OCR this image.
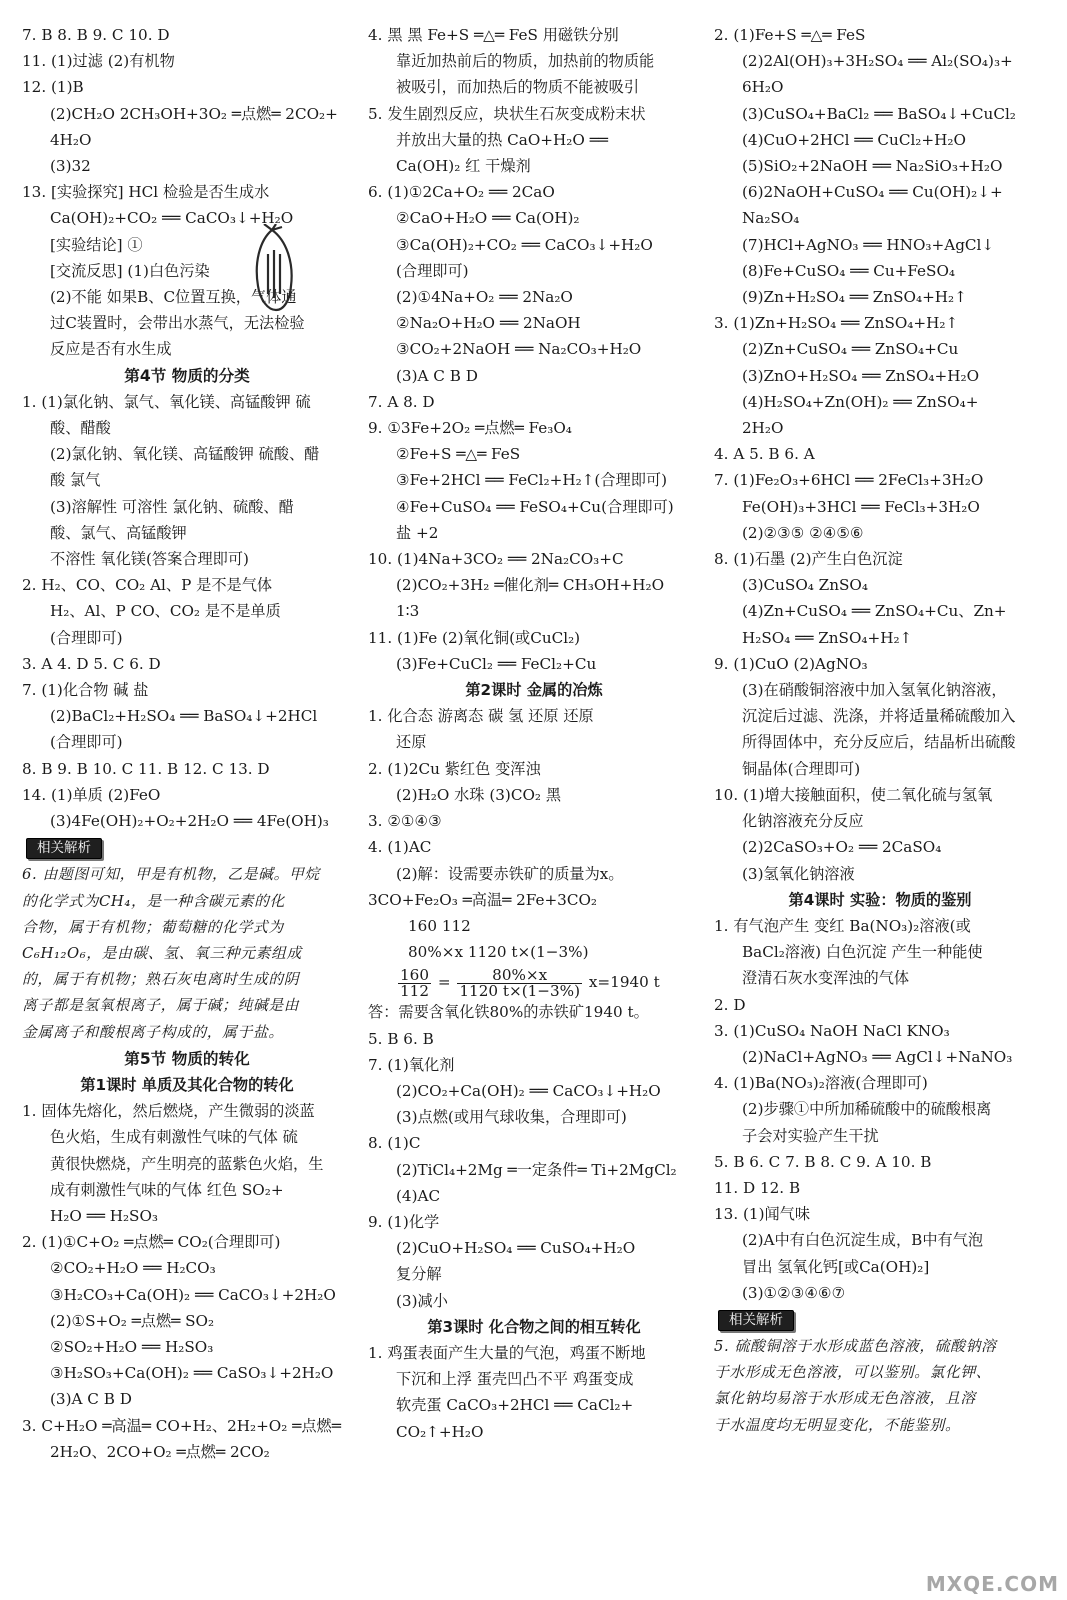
7. B 8. B 9. C 10. D
11. (1)过滤 (2)有机物
12. (1)B
(2)CH₂O 2CH₃OH+3O₂ ═点燃═ 2CO₂+
4H₂O
(3)32
13. [实验探究] HCl 检验是否生成水
Ca(OH)₂+CO₂ ══ CaCO₃↓+H₂O
[实验结论] ①
[交流反思] (1)白色污染
(2)不能 如果B、C位置互换，气体通
过C装置时，会带出水蒸气，无法检验
反应是否有水生成
第4节 物质的分类
1. (1)氯化钠、氯气、氧化镁、高锰酸钾 硫
酸、醋酸
(2)氯化钠、氧化镁、高锰酸钾 硫酸、醋
酸 氯气
(3)溶解性 可溶性 氯化钠、硫酸、醋
酸、氯气、高锰酸钾
不溶性 氧化镁(答案合理即可)
2. H₂、CO、CO₂ Al、P 是不是气体
H₂、Al、P CO、CO₂ 是不是单质
(合理即可)
3. A 4. D 5. C 6. D
7. (1)化合物 碱 盐
(2)BaCl₂+H₂SO₄ ══ BaSO₄↓+2HCl
(合理即可)
8. B 9. B 10. C 11. B 12. C 13. D
14. (1)单质 (2)FeO
(3)4Fe(OH)₂+O₂+2H₂O ══ 4Fe(OH)₃
相关解析
6. 由题图可知，甲是有机物，乙是碱。甲烷
的化学式为CH₄，是一种含碳元素的化
合物，属于有机物；葡萄糖的化学式为
C₆H₁₂O₆，是由碳、氢、氧三种元素组成
的，属于有机物；熟石灰电离时生成的阴
离子都是氢氧根离子，属于碱；纯碱是由
金属离子和酸根离子构成的，属于盐。
第5节 物质的转化
第1课时 单质及其化合物的转化
1. 固体先熔化，然后燃烧，产生微弱的淡蓝
色火焰，生成有刺激性气味的气体 硫
黄很快燃烧，产生明亮的蓝紫色火焰，生
成有刺激性气味的气体 红色 SO₂+
H₂O ══ H₂SO₃
2. (1)①C+O₂ ═点燃═ CO₂(合理即可)
②CO₂+H₂O ══ H₂CO₃
③H₂CO₃+Ca(OH)₂ ══ CaCO₃↓+2H₂O
(2)①S+O₂ ═点燃═ SO₂
②SO₂+H₂O ══ H₂SO₃
③H₂SO₃+Ca(OH)₂ ══ CaSO₃↓+2H₂O
(3)A C B D
3. C+H₂O ═高温═ CO+H₂、2H₂+O₂ ═点燃═
2H₂O、2CO+O₂ ═点燃═ 2CO₂
4. 黑 黑 Fe+S ═△═ FeS 用磁铁分别
靠近加热前后的物质，加热前的物质能
被吸引，而加热后的物质不能被吸引
5. 发生剧烈反应，块状生石灰变成粉末状
并放出大量的热 CaO+H₂O ══
Ca(OH)₂ 红 干燥剂
6. (1)①2Ca+O₂ ══ 2CaO
②CaO+H₂O ══ Ca(OH)₂
③Ca(OH)₂+CO₂ ══ CaCO₃↓+H₂O
(合理即可)
(2)①4Na+O₂ ══ 2Na₂O
②Na₂O+H₂O ══ 2NaOH
③CO₂+2NaOH ══ Na₂CO₃+H₂O
(3)A C B D
7. A 8. D
9. ①3Fe+2O₂ ═点燃═ Fe₃O₄
②Fe+S ═△═ FeS
③Fe+2HCl ══ FeCl₂+H₂↑(合理即可)
④Fe+CuSO₄ ══ FeSO₄+Cu(合理即可)
盐 +2
10. (1)4Na+3CO₂ ══ 2Na₂CO₃+C
(2)CO₂+3H₂ ═催化剂═ CH₃OH+H₂O
1∶3
11. (1)Fe (2)氧化铜(或CuCl₂)
(3)Fe+CuCl₂ ══ FeCl₂+Cu
第2课时 金属的冶炼
1. 化合态 游离态 碳 氢 还原 还原
还原
2. (1)2Cu 紫红色 变浑浊
(2)H₂O 水珠 (3)CO₂ 黑
3. ②①④③
4. (1)AC
(2)解：设需要赤铁矿的质量为x。
3CO+Fe₂O₃ ═高温═ 2Fe+3CO₂
160 112
80%×x 1120 t×(1−3%)
$\frac{160}{112} = \frac{80\%\times x}{1120 t\times(1-3\%)} x=1940$ t
答：需要含氧化铁80%的赤铁矿1940 t。
5. B 6. B
7. (1)氧化剂
(2)CO₂+Ca(OH)₂ ══ CaCO₃↓+H₂O
(3)点燃(或用气球收集，合理即可)
8. (1)C
(2)TiCl₄+2Mg ═一定条件═ Ti+2MgCl₂
(4)AC
9. (1)化学
(2)CuO+H₂SO₄ ══ CuSO₄+H₂O
复分解
(3)减小
第3课时 化合物之间的相互转化
1. 鸡蛋表面产生大量的气泡，鸡蛋不断地
下沉和上浮 蛋壳凹凸不平 鸡蛋变成
软壳蛋 CaCO₃+2HCl ══ CaCl₂+
CO₂↑+H₂O
2. (1)Fe+S ═△═ FeS
(2)2Al(OH)₃+3H₂SO₄ ══ Al₂(SO₄)₃+
6H₂O
(3)CuSO₄+BaCl₂ ══ BaSO₄↓+CuCl₂
(4)CuO+2HCl ══ CuCl₂+H₂O
(5)SiO₂+2NaOH ══ Na₂SiO₃+H₂O
(6)2NaOH+CuSO₄ ══ Cu(OH)₂↓+
Na₂SO₄
(7)HCl+AgNO₃ ══ HNO₃+AgCl↓
(8)Fe+CuSO₄ ══ Cu+FeSO₄
(9)Zn+H₂SO₄ ══ ZnSO₄+H₂↑
3. (1)Zn+H₂SO₄ ══ ZnSO₄+H₂↑
(2)Zn+CuSO₄ ══ ZnSO₄+Cu
(3)ZnO+H₂SO₄ ══ ZnSO₄+H₂O
(4)H₂SO₄+Zn(OH)₂ ══ ZnSO₄+
2H₂O
4. A 5. B 6. A
7. (1)Fe₂O₃+6HCl ══ 2FeCl₃+3H₂O
Fe(OH)₃+3HCl ══ FeCl₃+3H₂O
(2)②③⑤ ②④⑤⑥
8. (1)石墨 (2)产生白色沉淀
(3)CuSO₄ ZnSO₄
(4)Zn+CuSO₄ ══ ZnSO₄+Cu、Zn+
H₂SO₄ ══ ZnSO₄+H₂↑
9. (1)CuO (2)AgNO₃
(3)在硝酸铜溶液中加入氢氧化钠溶液，
沉淀后过滤、洗涤，并将适量稀硫酸加入
所得固体中，充分反应后，结晶析出硫酸
铜晶体(合理即可)
10. (1)增大接触面积，使二氧化硫与氢氧
化钠溶液充分反应
(2)2CaSO₃+O₂ ══ 2CaSO₄
(3)氢氧化钠溶液
第4课时 实验：物质的鉴别
1. 有气泡产生 变红 Ba(NO₃)₂溶液(或
BaCl₂溶液) 白色沉淀 产生一种能使
澄清石灰水变浑浊的气体
2. D
3. (1)CuSO₄ NaOH NaCl KNO₃
(2)NaCl+AgNO₃ ══ AgCl↓+NaNO₃
4. (1)Ba(NO₃)₂溶液(合理即可)
(2)步骤①中所加稀硫酸中的硫酸根离
子会对实验产生干扰
5. B 6. C 7. B 8. C 9. A 10. B
11. D 12. B
13. (1)闻气味
(2)A中有白色沉淀生成，B中有气泡
冒出 氢氧化钙[或Ca(OH)₂]
(3)①②③④⑥⑦
相关解析
5. 硫酸铜溶于水形成蓝色溶液，硫酸钠溶
于水形成无色溶液，可以鉴别。氯化钾、
氯化钠均易溶于水形成无色溶液，且溶
于水温度均无明显变化，不能鉴别。
MXQE.COM
